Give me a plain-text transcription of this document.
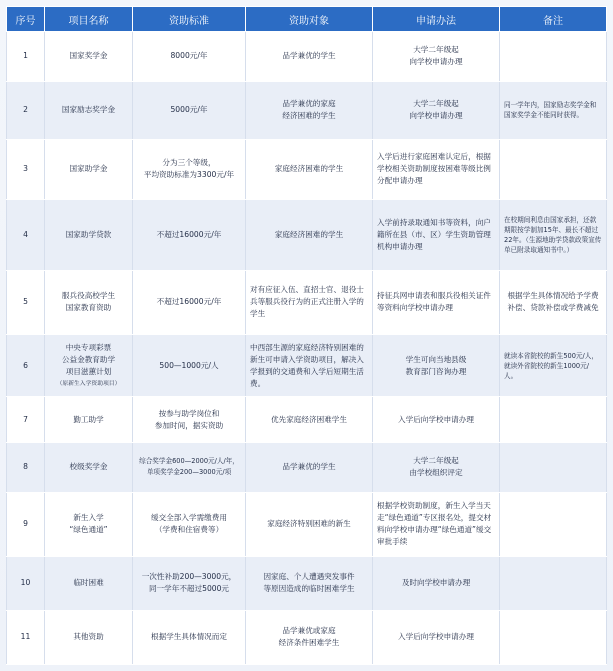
序号	项目名称	资助标准	资助对象	申请办法	备注
1	国家奖学金	8000元/年	品学兼优的学生	大学二年级起
向学校申请办理	

2	国家励志奖学金	5000元/年	品学兼优的家庭
经济困难的学生	大学二年级起
向学校申请办理	同一学年内，国家励志奖学金和国家奖学金不能同时获得。

3	国家助学金	分为三个等级，
平均资助标准为3300元/年	家庭经济困难的学生	入学后进行家庭困难认定后，根据学校相关资助制度按困难等级比例分配申请办理	

4	国家助学贷款	不超过16000元/年	家庭经济困难的学生	入学前持录取通知书等资料，向户籍所在县（市、区）学生资助管理机构申请办理	在校期间利息由国家承担，还款期限按学制加15年、最长不超过22年。（生源地助学贷款政策宣传单已附录取通知书中。）

5	服兵役高校学生
国家教育资助	不超过16000元/年	对有应征入伍、直招士官、退役士兵等服兵役行为的正式注册入学的学生	持征兵网申请表和服兵役相关证件等资料向学校申请办理	根据学生具体情况给予学费补偿、贷款补偿或学费减免

6	中央专项彩票
公益金教育助学
项目滋蕙计划
（原新生入学资助项目）	500—1000元/人	中西部生源的家庭经济特别困难的新生可申请入学资助项目，解决入学报到的交通费和入学后短期生活费。	学生可向当地县级
教育部门咨询办理	就读本省院校的新生500元/人，就读外省院校的新生1000元/人。

7	勤工助学	按参与助学岗位和
参加时间，据实资助	优先家庭经济困难学生	入学后向学校申请办理	

8	校级奖学金	综合奖学金600—2000元/人/年，
单项奖学金200—3000元/项	品学兼优的学生	大学二年级起
由学校组织评定	

9	新生入学
“绿色通道”	缓交全部入学需缴费用
（学费和住宿费等）	家庭经济特别困难的新生	根据学校资助制度，新生入学当天走“绿色通道”专区报名处，提交材料向学校申请办理“绿色通道”缓交审批手续	

10	临时困难	一次性补助200—3000元，
同一学年不超过5000元	因家庭、个人遭遇突发事件
等原因造成的临时困难学生	及时向学校申请办理	

11	其他资助	根据学生具体情况而定	品学兼优或家庭
经济条件困难学生	入学后向学校申请办理	
